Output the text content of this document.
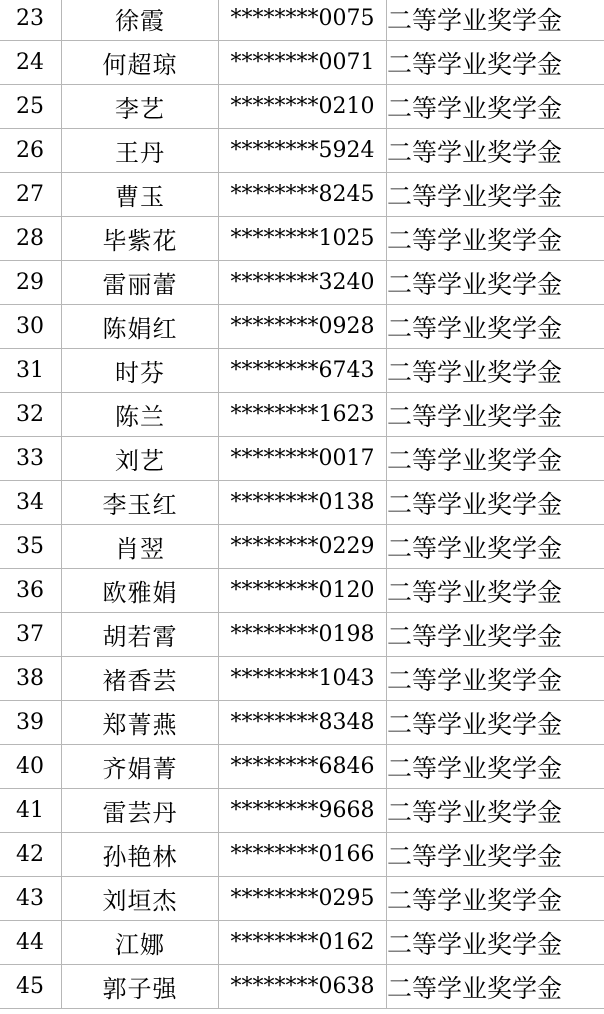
23	徐霞	********0075	二等学业奖学金
24	何超琼	********0071	二等学业奖学金
25	李艺	********0210	二等学业奖学金
26	王丹	********5924	二等学业奖学金
27	曹玉	********8245	二等学业奖学金
28	毕紫花	********1025	二等学业奖学金
29	雷丽蕾	********3240	二等学业奖学金
30	陈娟红	********0928	二等学业奖学金
31	时芬	********6743	二等学业奖学金
32	陈兰	********1623	二等学业奖学金
33	刘艺	********0017	二等学业奖学金
34	李玉红	********0138	二等学业奖学金
35	肖翌	********0229	二等学业奖学金
36	欧雅娟	********0120	二等学业奖学金
37	胡若霄	********0198	二等学业奖学金
38	褚香芸	********1043	二等学业奖学金
39	郑菁燕	********8348	二等学业奖学金
40	齐娟菁	********6846	二等学业奖学金
41	雷芸丹	********9668	二等学业奖学金
42	孙艳林	********0166	二等学业奖学金
43	刘垣杰	********0295	二等学业奖学金
44	江娜	********0162	二等学业奖学金
45	郭子强	********0638	二等学业奖学金
